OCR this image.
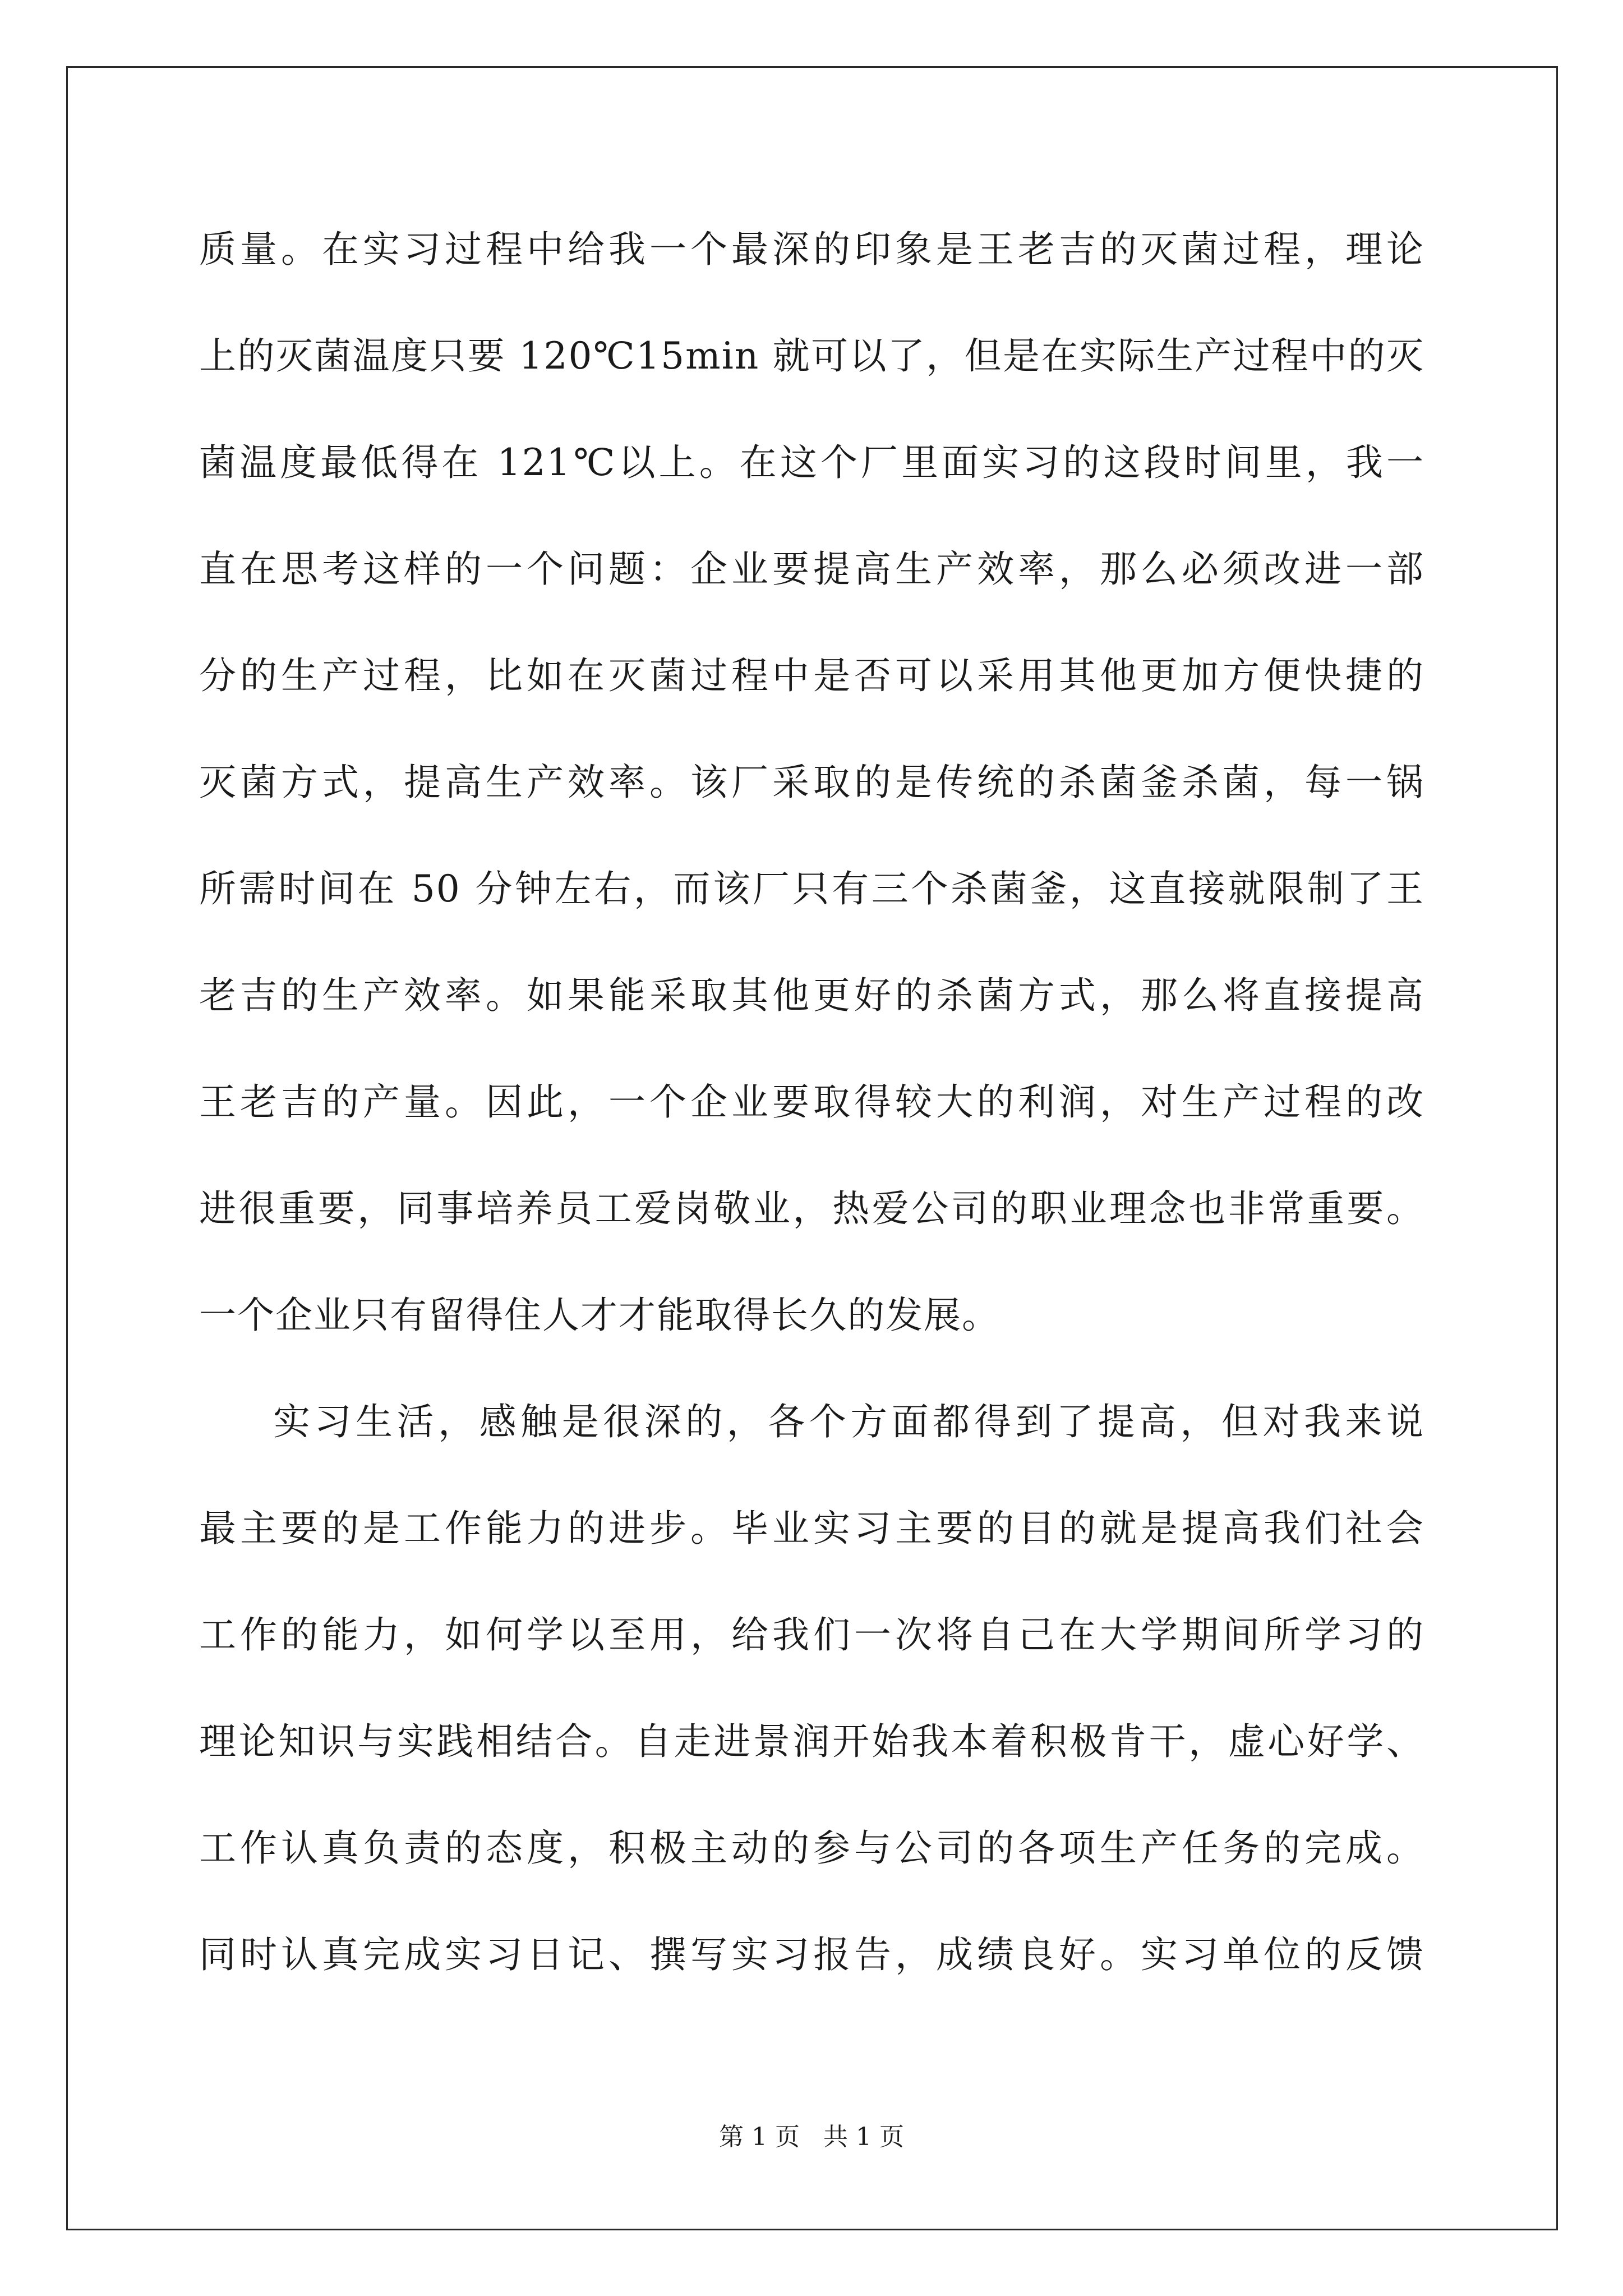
质量。在实习过程中给我一个最深的印象是王老吉的灭菌过程，理论
上的灭菌温度只要 120℃15min 就可以了，但是在实际生产过程中的灭
菌温度最低得在 121℃以上。在这个厂里面实习的这段时间里，我一
直在思考这样的一个问题：企业要提高生产效率，那么必须改进一部
分的生产过程，比如在灭菌过程中是否可以采用其他更加方便快捷的
灭菌方式，提高生产效率。该厂采取的是传统的杀菌釜杀菌，每一锅
所需时间在 50 分钟左右，而该厂只有三个杀菌釜，这直接就限制了王
老吉的生产效率。如果能采取其他更好的杀菌方式，那么将直接提高
王老吉的产量。因此，一个企业要取得较大的利润，对生产过程的改
进很重要，同事培养员工爱岗敬业，热爱公司的职业理念也非常重要。
一个企业只有留得住人才才能取得长久的发展。
实习生活，感触是很深的，各个方面都得到了提高，但对我来说
最主要的是工作能力的进步。毕业实习主要的目的就是提高我们社会
工作的能力，如何学以至用，给我们一次将自己在大学期间所学习的
理论知识与实践相结合。自走进景润开始我本着积极肯干，虚心好学、
工作认真负责的态度，积极主动的参与公司的各项生产任务的完成。
同时认真完成实习日记、撰写实习报告，成绩良好。实习单位的反馈
第 1 页   共 1 页
